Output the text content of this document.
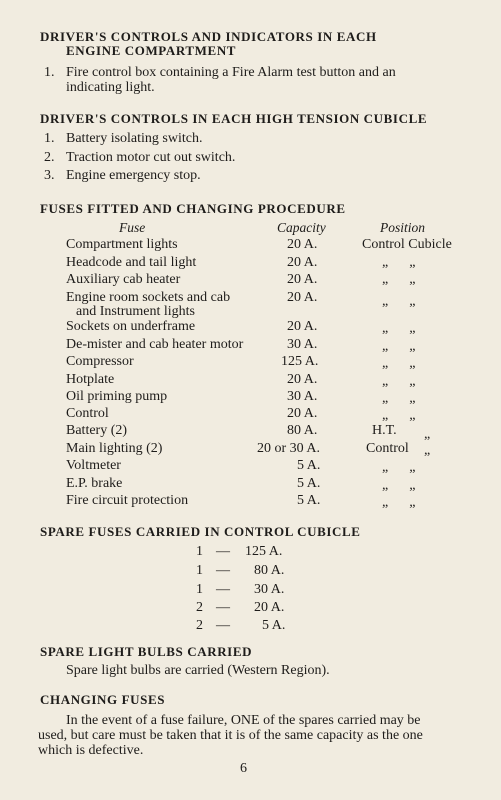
DRIVER'S CONTROLS AND INDICATORS IN EACH
ENGINE COMPARTMENT
1. Fire control box containing a Fire Alarm test button and an
indicating light.
DRIVER'S CONTROLS IN EACH HIGH TENSION CUBICLE
1. Battery isolating switch.
2. Traction motor cut out switch.
3. Engine emergency stop.
FUSES FITTED AND CHANGING PROCEDURE
Fuse	Capacity	Position
Compartment lights	20 A.	Control Cubicle
Headcode and tail light	20 A.	„      „
Auxiliary cab heater	20 A.	„      „
Engine room sockets and cab
and Instrument lights
20 A.	„      „
Sockets on underframe	20 A.	„      „
De-mister and cab heater motor	30 A.	„      „
Compressor	125 A.	„      „
Hotplate	20 A.	„      „
Oil priming pump	30 A.	„      „
Control	20 A.	„      „
Battery (2)	80 A.	H.T. „
Main lighting (2)	20 or 30 A.	Control „
Voltmeter	5 A.	„      „
E.P. brake	5 A.	„      „
Fire circuit protection	5 A.	„      „
SPARE FUSES CARRIED IN CONTROL CUBICLE
1 — 125 A.
1 — 80 A.
1 — 30 A.
2 — 20 A.
2 — 5 A.
SPARE LIGHT BULBS CARRIED
Spare light bulbs are carried (Western Region).
CHANGING FUSES
In the event of a fuse failure, ONE of the spares carried may be
used, but care must be taken that it is of the same capacity as the one
which is defective.
6
